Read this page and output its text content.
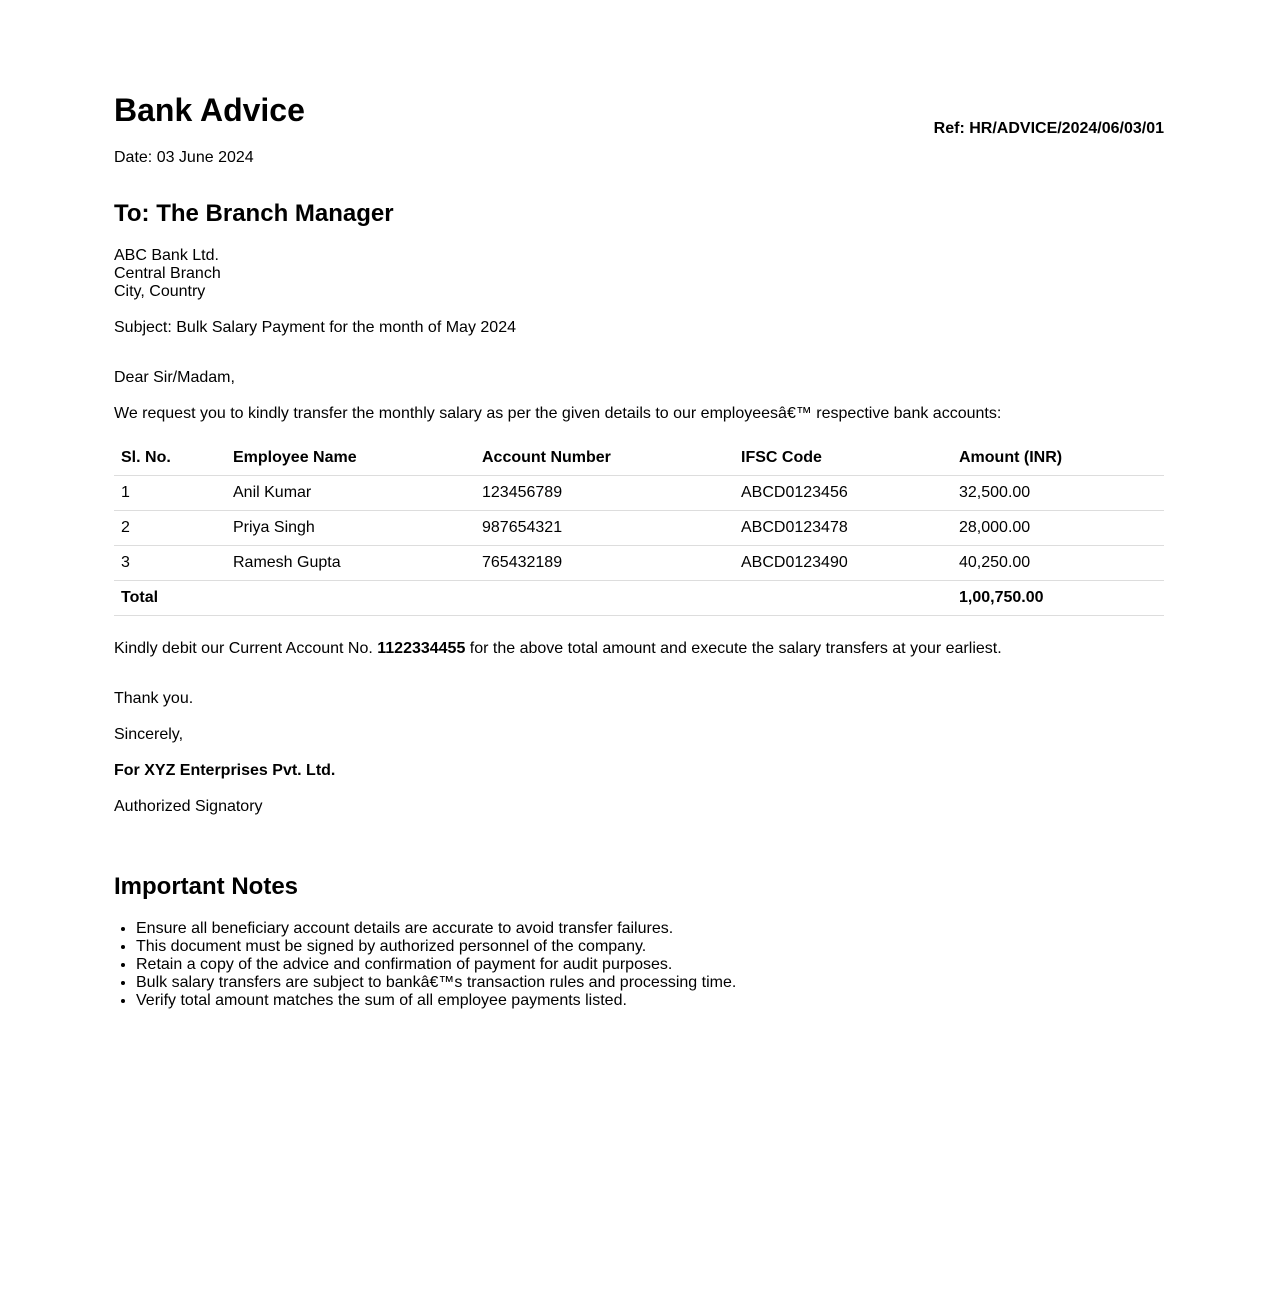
Bank Advice
Ref: HR/ADVICE/2024/06/03/01
Date: 03 June 2024
To: The Branch Manager
ABC Bank Ltd.
Central Branch
City, Country
Subject: Bulk Salary Payment for the month of May 2024
Dear Sir/Madam,
We request you to kindly transfer the monthly salary as per the given details to our employeesâ€™ respective bank accounts:
Sl. No.	Employee Name	Account Number	IFSC Code	Amount (INR)
1	Anil Kumar	123456789	ABCD0123456	32,500.00
2	Priya Singh	987654321	ABCD0123478	28,000.00
3	Ramesh Gupta	765432189	ABCD0123490	40,250.00
Total				1,00,750.00
Kindly debit our Current Account No. 1122334455 for the above total amount and execute the salary transfers at your earliest.
Thank you.
Sincerely,
For XYZ Enterprises Pvt. Ltd.
Authorized Signatory
Important Notes
• Ensure all beneficiary account details are accurate to avoid transfer failures.
• This document must be signed by authorized personnel of the company.
• Retain a copy of the advice and confirmation of payment for audit purposes.
• Bulk salary transfers are subject to bankâ€™s transaction rules and processing time.
• Verify total amount matches the sum of all employee payments listed.
